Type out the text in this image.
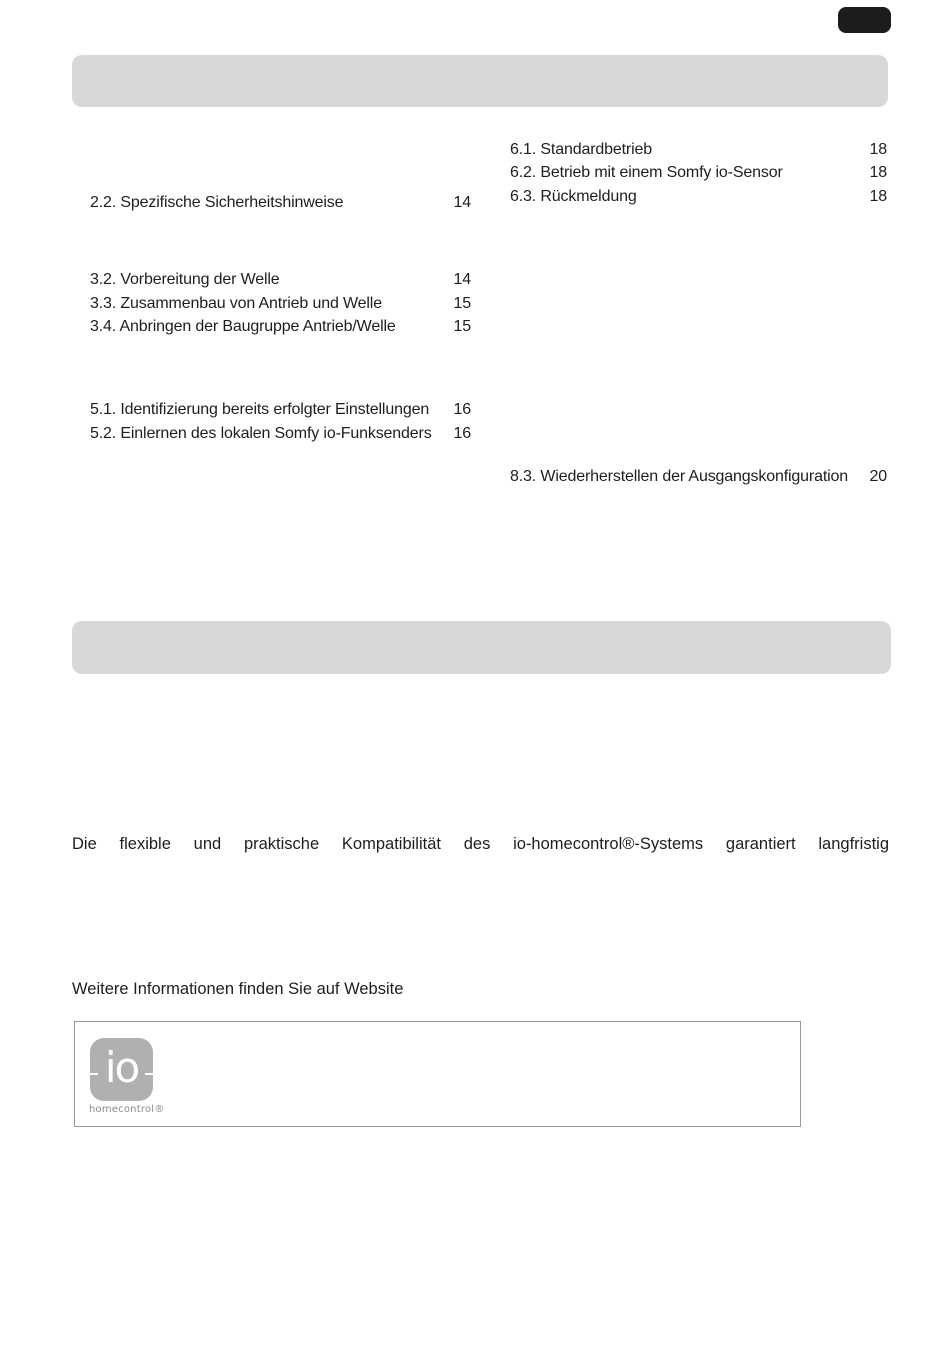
2.2. Spezifische Sicherheitshinweise	14
3.2. Vorbereitung der Welle	14
3.3. Zusammenbau von Antrieb und Welle	15
3.4. Anbringen der Baugruppe Antrieb/Welle	15
5.1. Identifizierung bereits erfolgter Einstellungen 16
5.2. Einlernen des lokalen Somfy io-Funksenders 16
6.1. Standardbetrieb	18
6.2. Betrieb mit einem Somfy io-Sensor	18
6.3. Rückmeldung	18
8.3. Wiederherstellen der Ausgangskonfiguration 20
Die flexible und praktische Kompatibilität des io-homecontrol®-Systems garantiert langfristig
Weitere Informationen finden Sie auf Website
io
homecontrol®
